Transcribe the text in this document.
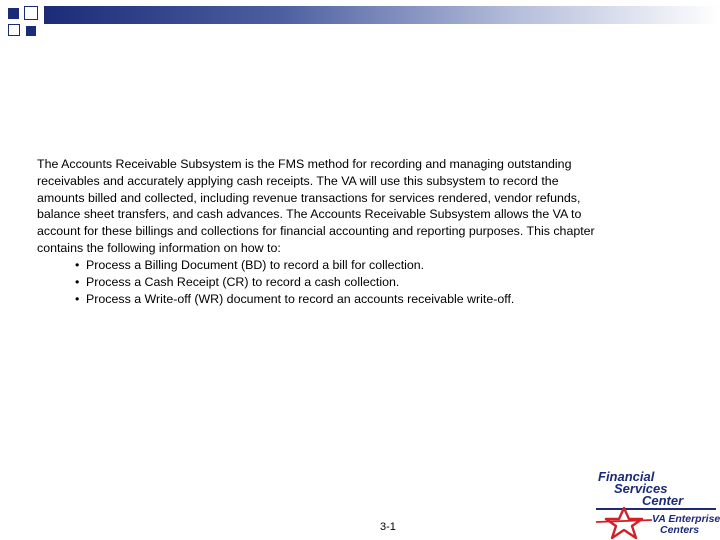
The Accounts Receivable Subsystem is the FMS method for recording and managing outstanding
receivables and accurately applying cash receipts. The VA will use this subsystem to record the
amounts billed and collected, including revenue transactions for services rendered, vendor refunds,
balance sheet transfers, and cash advances. The Accounts Receivable Subsystem allows the VA to
account for these billings and collections for financial accounting and reporting purposes. This chapter
contains the following information on how to:

• Process a Billing Document (BD) to record a bill for collection.
• Process a Cash Receipt (CR) to record a cash collection.
• Process a Write-off (WR) document to record an accounts receivable write-off.
3-1
Financial
Services
Center
VA Enterprise
Centers
